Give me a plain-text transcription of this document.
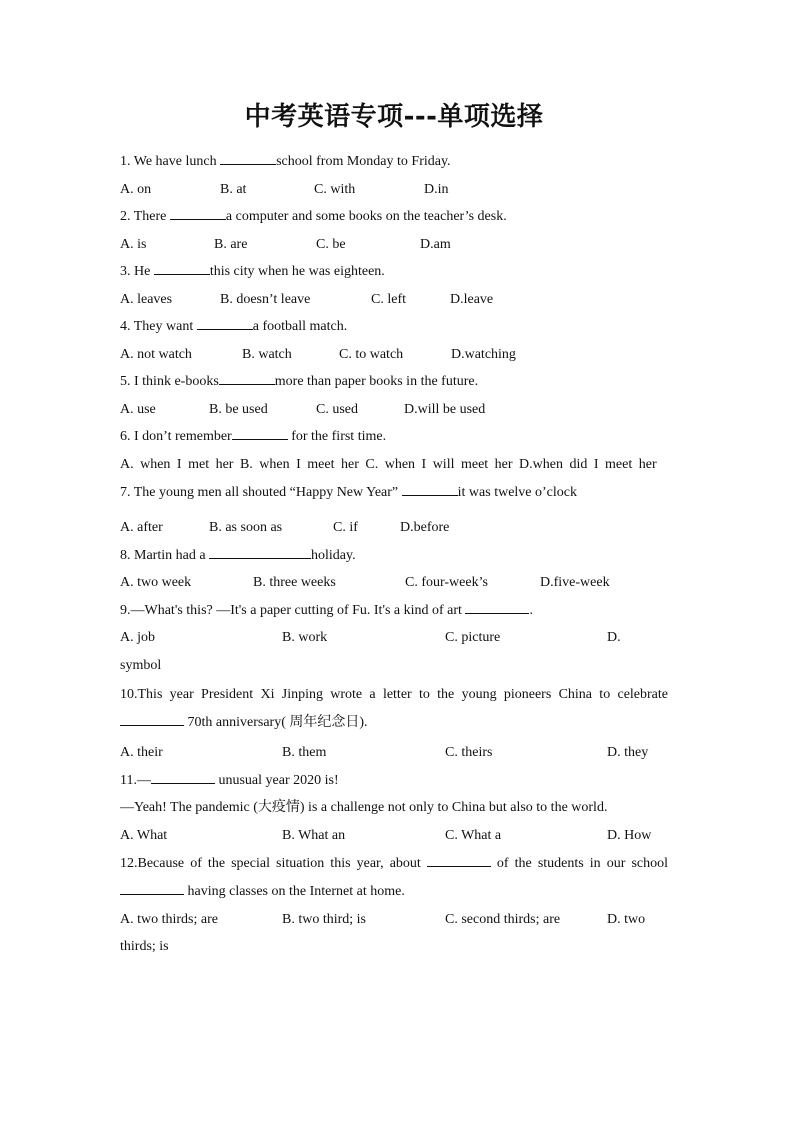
中考英语专项---单项选择
1. We have lunch	school from Monday to Friday.
A. on	B. at	C. with	D.in
2. There	a computer and some books on the teacher’s desk.
A. is	B. are	C. be	D.am
3. He	this city when he was eighteen.
A. leaves	B. doesn’t leave	C. left	D.leave
4. They want	a football match.
A. not watch	B. watch	C. to watch	D.watching
5. I think e-books	more than paper books in the future.
A. use	B. be used	C. used	D.will be used
6. I don’t remember	for the first time.
A. when I met her B. when I meet her C. when I will meet her D.when did I meet her
7. The young men all shouted “Happy New Year”	it was twelve o’clock
A. after	B. as soon as	C. if	D.before
8. Martin had a	holiday.
A. two week	B. three weeks	C. four-week’s	D.five-week
9.—What's this? —It's a paper cutting of Fu. It's a kind of art	.
A. job	B. work	C. picture	D.
symbol
10.This year President Xi Jinping wrote a letter to the young pioneers China to celebrate  70th anniversary( 周年纪念日).
A. their	B. them	C. theirs	D. they
11.—	unusual year 2020 is!
—Yeah! The pandemic (大疫情) is a challenge not only to China but also to the world.
A. What	B. What an	C. What a	D. How
12.Because of the special situation this year, about	of the students in our school  having classes on the Internet at home.
A. two thirds; are	B. two third; is	C. second thirds; are	D. two
thirds; is
